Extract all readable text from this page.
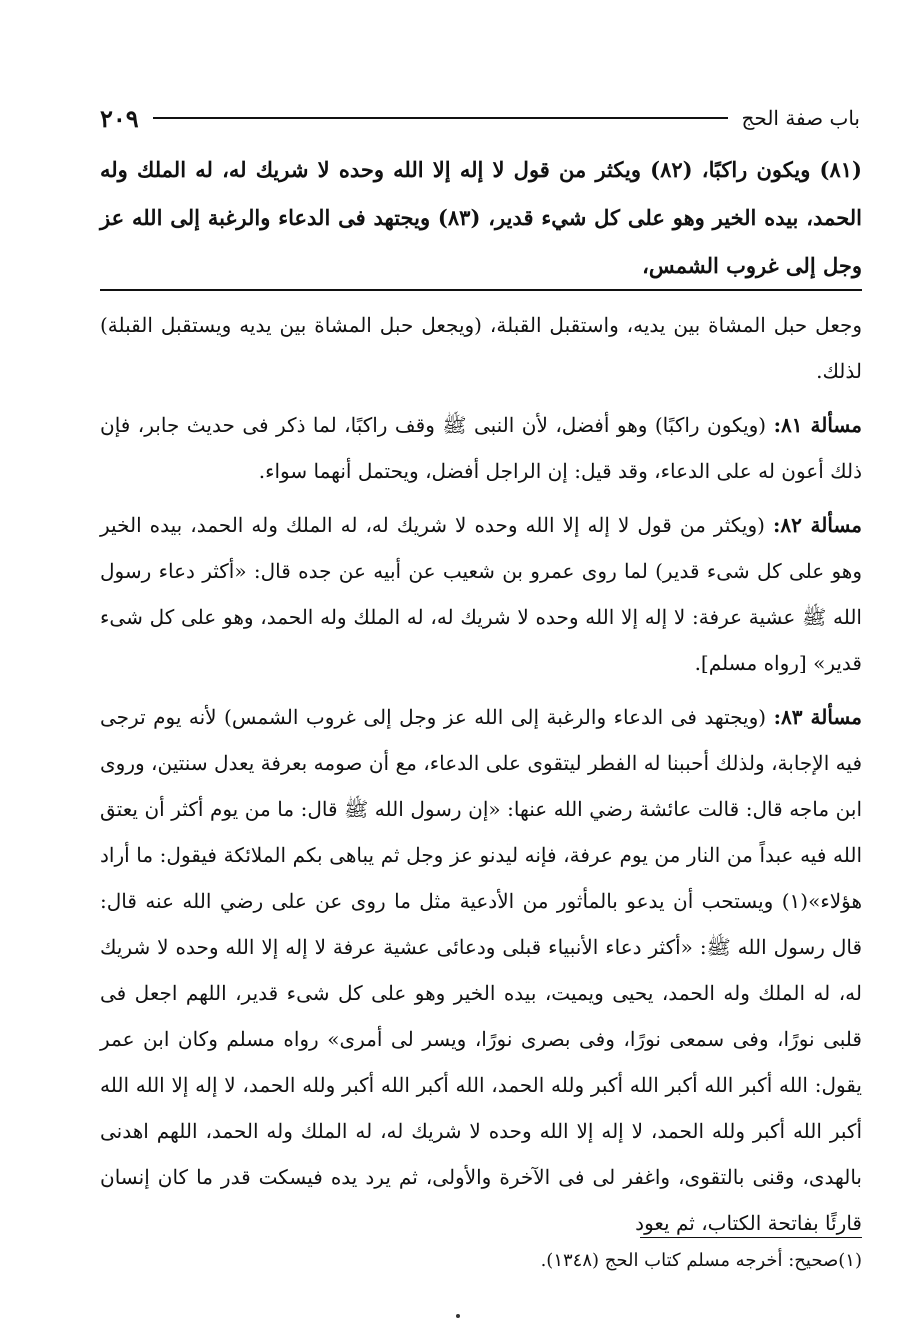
باب صفة الحج
٢٠٩
(٨١) ويكون راكبًا، (٨٢) ويكثر من قول لا إله إلا الله وحده لا شريك له، له الملك وله الحمد، بيده الخير وهو على كل شيء قدير، (٨٣) ويجتهد فى الدعاء والرغبة إلى الله عز وجل إلى غروب الشمس،

وجعل حبل المشاة بين يديه، واستقبل القبلة، (ويجعل حبل المشاة بين يديه ويستقبل القبلة) لذلك.

مسألة ٨١: (ويكون راكبًا) وهو أفضل، لأن النبى ﷺ وقف راكبًا، لما ذكر فى حديث جابر، فإن ذلك أعون له على الدعاء، وقد قيل: إن الراجل أفضل، ويحتمل أنهما سواء.

مسألة ٨٢: (ويكثر من قول لا إله إلا الله وحده لا شريك له، له الملك وله الحمد، بيده الخير وهو على كل شىء قدير) لما روى عمرو بن شعيب عن أبيه عن جده قال: «أكثر دعاء رسول الله ﷺ عشية عرفة: لا إله إلا الله وحده لا شريك له، له الملك وله الحمد، وهو على كل شىء قدير» [رواه مسلم].

مسألة ٨٣: (ويجتهد فى الدعاء والرغبة إلى الله عز وجل إلى غروب الشمس) لأنه يوم ترجى فيه الإجابة، ولذلك أحببنا له الفطر ليتقوى على الدعاء، مع أن صومه بعرفة يعدل سنتين، وروى ابن ماجه قال: قالت عائشة رضي الله عنها: «إن رسول الله ﷺ قال: ما من يوم أكثر أن يعتق الله فيه عبداً من النار من يوم عرفة، فإنه ليدنو عز وجل ثم يباهى بكم الملائكة فيقول: ما أراد هؤلاء»(١) ويستحب أن يدعو بالمأثور من الأدعية مثل ما روى عن على رضي الله عنه قال: قال رسول الله ﷺ: «أكثر دعاء الأنبياء قبلى ودعائى عشية عرفة لا إله إلا الله وحده لا شريك له، له الملك وله الحمد، يحيى ويميت، بيده الخير وهو على كل شىء قدير، اللهم اجعل فى قلبى نورًا، وفى سمعى نورًا، وفى بصرى نورًا، ويسر لى أمرى» رواه مسلم وكان ابن عمر يقول: الله أكبر الله أكبر الله أكبر ولله الحمد، الله أكبر الله أكبر ولله الحمد، لا إله إلا الله الله أكبر الله أكبر ولله الحمد، لا إله إلا الله وحده لا شريك له، له الملك وله الحمد، اللهم اهدنى بالهدى، وقنى بالتقوى، واغفر لى فى الآخرة والأولى، ثم يرد يده فيسكت قدر ما كان إنسان قارئًا بفاتحة الكتاب، ثم يعود

(١)صحيح: أخرجه مسلم كتاب الحج (١٣٤٨).
